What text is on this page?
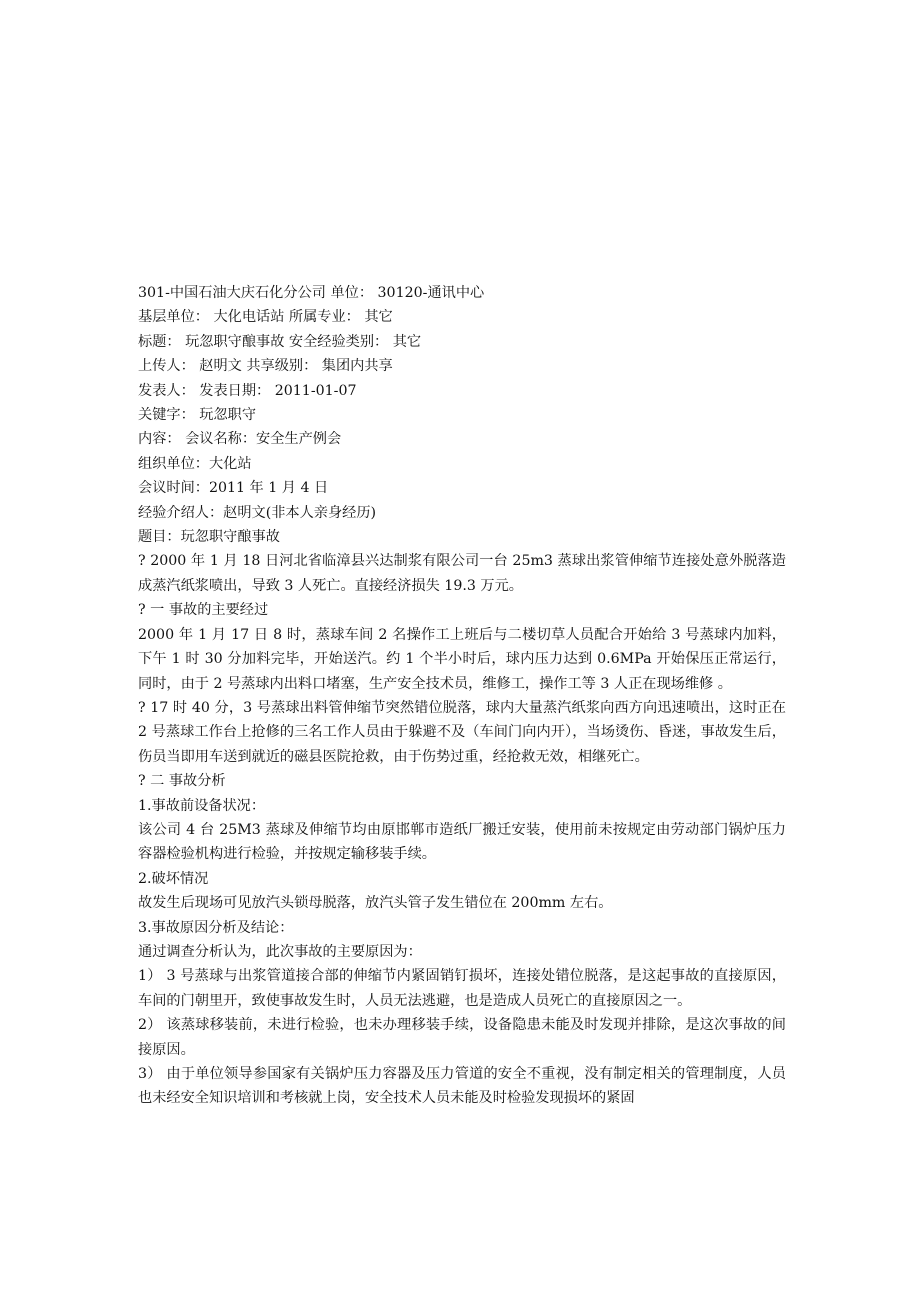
301-中国石油大庆石化分公司 单位： 30120-通讯中心

基层单位： 大化电话站 所属专业： 其它

标题： 玩忽职守酿事故 安全经验类别： 其它

上传人： 赵明文 共享级别： 集团内共享

发表人： 发表日期： 2011-01-07

关键字： 玩忽职守

内容： 会议名称：安全生产例会

组织单位：大化站

会议时间：2011 年 1 月 4 日

经验介绍人：赵明文(非本人亲身经历)

题目：玩忽职守酿事故

? 2000 年 1 月 18 日河北省临漳县兴达制浆有限公司一台 25m3 蒸球出浆管伸缩节连接处意外脱落造成蒸汽纸浆喷出，导致 3 人死亡。直接经济损失 19.3 万元。

? 一 事故的主要经过

2000 年 1 月 17 日 8 时，蒸球车间 2 名操作工上班后与二楼切草人员配合开始给 3 号蒸球内加料，下午 1 时 30 分加料完毕，开始送汽。约 1 个半小时后，球内压力达到 0.6MPa 开始保压正常运行，同时，由于 2 号蒸球内出料口堵塞，生产安全技术员，维修工，操作工等 3 人正在现场维修 。

? 17 时 40 分，3 号蒸球出料管伸缩节突然错位脱落，球内大量蒸汽纸浆向西方向迅速喷出，这时正在 2 号蒸球工作台上抢修的三名工作人员由于躲避不及（车间门向内开），当场烫伤、昏迷，事故发生后，伤员当即用车送到就近的磁县医院抢救，由于伤势过重，经抢救无效，相继死亡。

? 二 事故分析

1.事故前设备状况：

该公司 4 台 25M3 蒸球及伸缩节均由原邯郸市造纸厂搬迁安装，使用前未按规定由劳动部门锅炉压力容器检验机构进行检验，并按规定输移装手续。

2.破坏情况

故发生后现场可见放汽头锁母脱落，放汽头管子发生错位在 200mm 左右。

3.事故原因分析及结论：

通过调查分析认为，此次事故的主要原因为：

1） 3 号蒸球与出浆管道接合部的伸缩节内紧固销钉损坏，连接处错位脱落，是这起事故的直接原因，车间的门朝里开，致使事故发生时，人员无法逃避，也是造成人员死亡的直接原因之一。

2） 该蒸球移装前，未进行检验，也未办理移装手续，设备隐患未能及时发现并排除，是这次事故的间接原因。

3） 由于单位领导参国家有关锅炉压力容器及压力管道的安全不重视，没有制定相关的管理制度，人员也未经安全知识培训和考核就上岗，安全技术人员未能及时检验发现损坏的紧固
